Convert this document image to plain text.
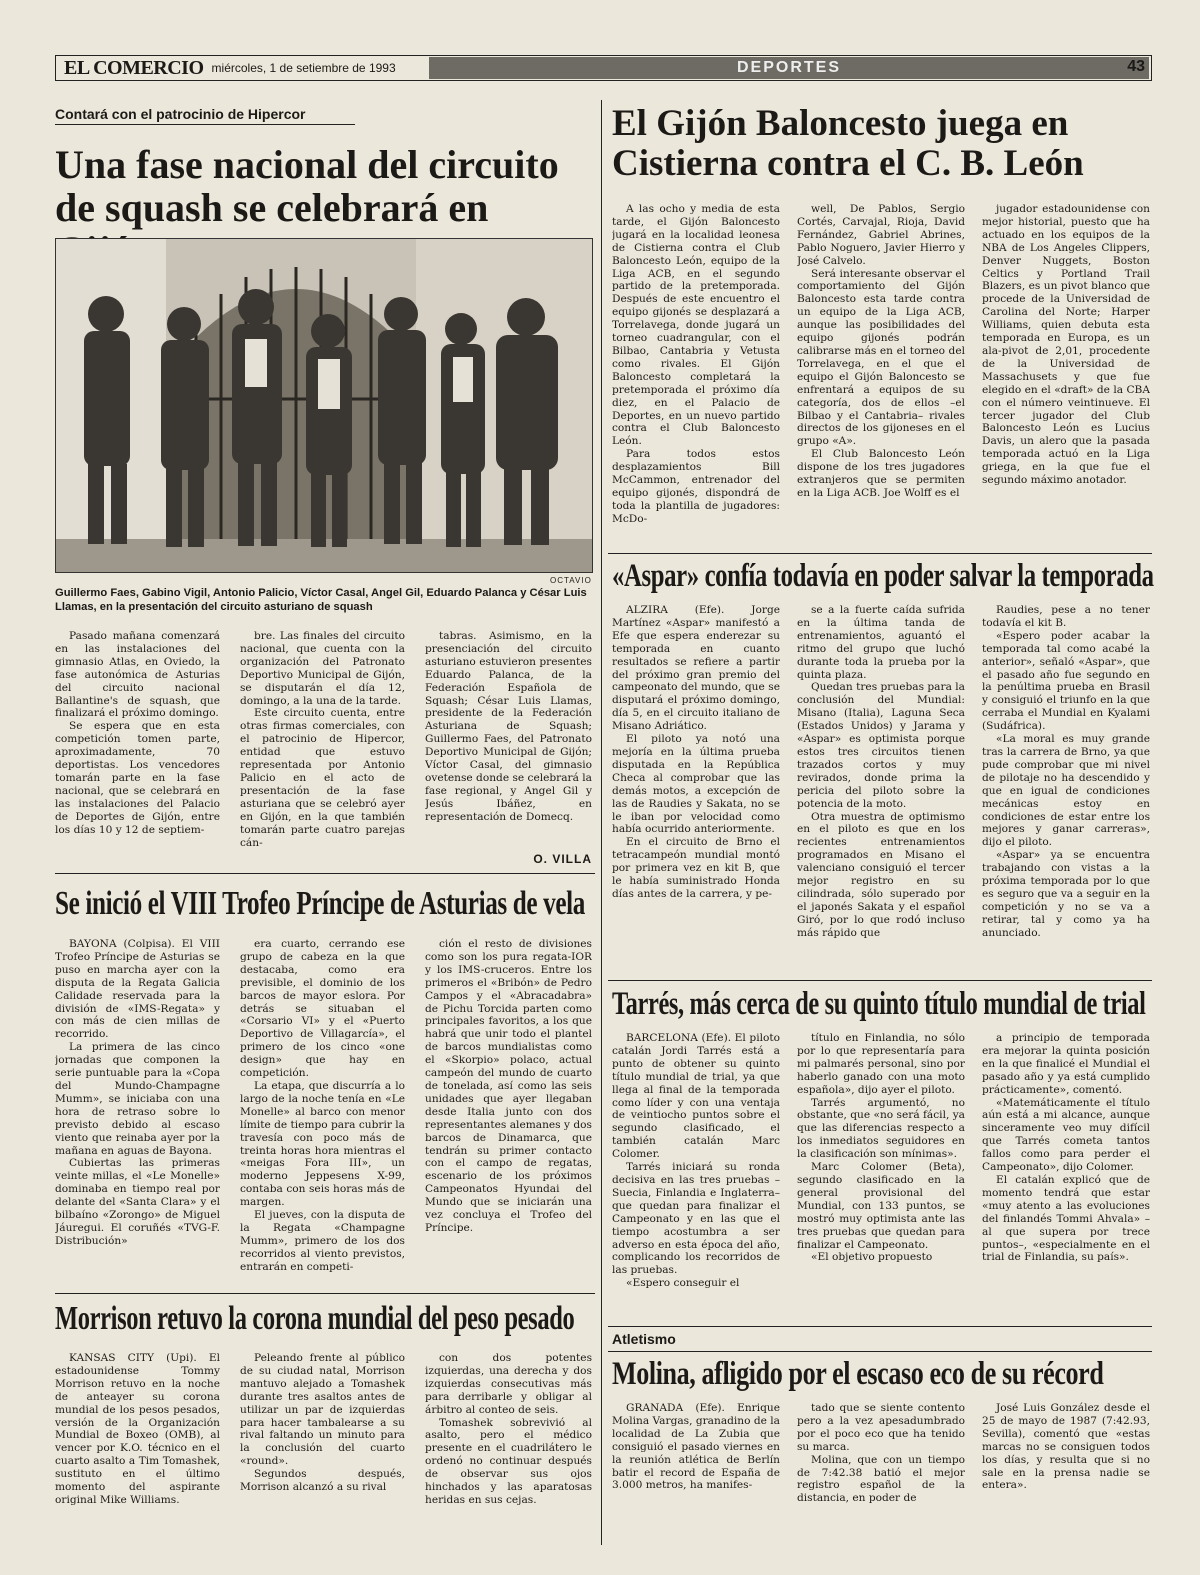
EL COMERCIO miércoles, 1 de setiembre de 1993	DEPORTES	43
Contará con el patrocinio de Hipercor
Una fase nacional del circuito de squash se celebrará en
OCTAVIO
Guillermo Faes, Gabino Vigil, Antonio Palicio, Víctor Casal, Angel Gil, Eduardo Palanca y César Luis Llamas, en la presentación del circuito asturiano de squash

Pasado mañana comenzará en las instalaciones del gimnasio Atlas, en Oviedo, la fase autonómica de Asturias del circuito nacional Ballantine's de squash, que finalizará el próximo domingo.

Se espera que en esta competición tomen parte, aproximadamente, 70 deportistas. Los vencedores tomarán parte en la fase nacional, que se celebrará en las instalaciones del Palacio de Deportes de Gijón, entre los días 10 y 12 de septiem-

bre. Las finales del circuito nacional, que cuenta con la organización del Patronato Deportivo Municipal de Gijón, se disputarán el día 12, domingo, a la una de la tarde.

Este circuito cuenta, entre otras firmas comerciales, con el patrocinio de Hipercor, entidad que estuvo representada por Antonio Palicio en el acto de presentación de la fase asturiana que se celebró ayer en Gijón, en la que también tomarán parte cuatro parejas cán-

tabras. Asimismo, en la presenciación del circuito asturiano estuvieron presentes Eduardo Palanca, de la Federación Española de Squash; César Luis Llamas, presidente de la Federación Asturiana de Squash; Guillermo Faes, del Patronato Deportivo Municipal de Gijón; Víctor Casal, del gimnasio ovetense donde se celebrará la fase regional, y Angel Gil y Jesús Ibáñez, en representación de Domecq.

O. VILLA
Se inició el VIII Trofeo Príncipe de Asturias de vela

BAYONA (Colpisa). El VIII Trofeo Príncipe de Asturias se puso en marcha ayer con la disputa de la Regata Galicia Calidade reservada para la división de «IMS-Regata» y con más de cien millas de recorrido.

La primera de las cinco jornadas que componen la serie puntuable para la «Copa del Mundo-Champagne Mumm», se iniciaba con una hora de retraso sobre lo previsto debido al escaso viento que reinaba ayer por la mañana en aguas de Bayona.

Cubiertas las primeras veinte millas, el «Le Monelle» dominaba en tiempo real por delante del «Santa Clara» y el bilbaíno «Zorongo» de Miguel Jáuregui. El coruñés «TVG-F. Distribución»

era cuarto, cerrando ese grupo de cabeza en la que destacaba, como era previsible, el dominio de los barcos de mayor eslora. Por detrás se situaban el «Corsario VI» y el «Puerto Deportivo de Villagarcía», el primero de los cinco «one design» que hay en competición.

La etapa, que discurría a lo largo de la noche tenía en «Le Monelle» al barco con menor límite de tiempo para cubrir la travesía con poco más de treinta horas hora mientras el «meigas Fora III», un moderno Jeppesens X-99, contaba con seis horas más de margen.

El jueves, con la disputa de la Regata «Champagne Mumm», primero de los dos recorridos al viento previstos, entrarán en competi-

ción el resto de divisiones como son los pura regata-IOR y los IMS-cruceros. Entre los primeros el «Bribón» de Pedro Campos y el «Abracadabra» de Pichu Torcida parten como principales favoritos, a los que habrá que unir todo el plantel de barcos mundialistas como el «Skorpio» polaco, actual campeón del mundo de cuarto de tonelada, así como las seis unidades que ayer llegaban desde Italia junto con dos representantes alemanes y dos barcos de Dinamarca, que tendrán su primer contacto con el campo de regatas, escenario de los próximos Campeonatos Hyundai del Mundo que se iniciarán una vez concluya el Trofeo del Príncipe.

Morrison retuvo la corona mundial del peso pesado

KANSAS CITY (Upi). El estadounidense Tommy Morrison retuvo en la noche de anteayer su corona mundial de los pesos pesados, versión de la Organización Mundial de Boxeo (OMB), al vencer por K.O. técnico en el cuarto asalto a Tim Tomashek, sustituto en el último momento del aspirante original Mike Williams.

Peleando frente al público de su ciudad natal, Morrison mantuvo alejado a Tomashek durante tres asaltos antes de utilizar un par de izquierdas para hacer tambalearse a su rival faltando un minuto para la conclusión del cuarto «round».

Segundos después, Morrison alcanzó a su rival

con dos potentes izquierdas, una derecha y dos izquierdas consecutivas más para derribarle y obligar al árbitro al conteo de seis.

Tomashek sobrevivió al asalto, pero el médico presente en el cuadrilátero le ordenó no continuar después de observar sus ojos hinchados y las aparatosas heridas en sus cejas.

El Gijón Baloncesto juega en Cistierna contra el C. B. León

A las ocho y media de esta tarde, el Gijón Baloncesto jugará en la localidad leonesa de Cistierna contra el Club Baloncesto León, equipo de la Liga ACB, en el segundo partido de la pretemporada. Después de este encuentro el equipo gijonés se desplazará a Torrelavega, donde jugará un torneo cuadrangular, con el Bilbao, Cantabria y Vetusta como rivales. El Gijón Baloncesto completará la pretemporada el próximo día diez, en el Palacio de Deportes, en un nuevo partido contra el Club Baloncesto León.

Para todos estos desplazamientos Bill McCammon, entrenador del equipo gijonés, dispondrá de toda la plantilla de jugadores: McDo-

well, De Pablos, Sergio Cortés, Carvajal, Rioja, David Fernández, Gabriel Abrines, Pablo Noguero, Javier Hierro y José Calvelo.

Será interesante observar el comportamiento del Gijón Baloncesto esta tarde contra un equipo de la Liga ACB, aunque las posibilidades del equipo gijonés podrán calibrarse más en el torneo del Torrelavega, en el que el equipo el Gijón Baloncesto se enfrentará a equipos de su categoría, dos de ellos –el Bilbao y el Cantabria– rivales directos de los gijoneses en el grupo «A».

El Club Baloncesto León dispone de los tres jugadores extranjeros que se permiten en la Liga ACB. Joe Wolff es el

jugador estadounidense con mejor historial, puesto que ha actuado en los equipos de la NBA de Los Angeles Clippers, Denver Nuggets, Boston Celtics y Portland Trail Blazers, es un pivot blanco que procede de la Universidad de Carolina del Norte; Harper Williams, quien debuta esta temporada en Europa, es un ala-pivot de 2,01, procedente de la Universidad de Massachusets y que fue elegido en el «draft» de la CBA con el número veintinueve. El tercer jugador del Club Baloncesto León es Lucius Davis, un alero que la pasada temporada actuó en la Liga griega, en la que fue el segundo máximo anotador.

«Aspar» confía todavía en poder salvar la temporada

ALZIRA (Efe). Jorge Martínez «Aspar» manifestó a Efe que espera enderezar su temporada en cuanto resultados se refiere a partir del próximo gran premio del campeonato del mundo, que se disputará el próximo domingo, día 5, en el circuito italiano de Misano Adriático.

El piloto ya notó una mejoría en la última prueba disputada en la República Checa al comprobar que las demás motos, a excepción de las de Raudies y Sakata, no se le iban por velocidad como había ocurrido anteriormente.

En el circuito de Brno el tetracampeón mundial montó por primera vez en kit B, que le había suministrado Honda días antes de la carrera, y pe-

se a la fuerte caída sufrida en la última tanda de entrenamientos, aguantó el ritmo del grupo que luchó durante toda la prueba por la quinta plaza.

Quedan tres pruebas para la conclusión del Mundial: Misano (Italia), Laguna Seca (Estados Unidos) y Jarama y «Aspar» es optimista porque estos tres circuitos tienen trazados cortos y muy revirados, donde prima la pericia del piloto sobre la potencia de la moto.

Otra muestra de optimismo en el piloto es que en los recientes entrenamientos programados en Misano el valenciano consiguió el tercer mejor registro en su cilindrada, sólo superado por el japonés Sakata y el español Giró, por lo que rodó incluso más rápido que

Raudies, pese a no tener todavía el kit B.

«Espero poder acabar la temporada tal como acabé la anterior», señaló «Aspar», que el pasado año fue segundo en la penúltima prueba en Brasil y consiguió el triunfo en la que cerraba el Mundial en Kyalami (Sudáfrica).

«La moral es muy grande tras la carrera de Brno, ya que pude comprobar que mi nivel de pilotaje no ha descendido y que en igual de condiciones mecánicas estoy en condiciones de estar entre los mejores y ganar carreras», dijo el piloto.

«Aspar» ya se encuentra trabajando con vistas a la próxima temporada por lo que es seguro que va a seguir en la competición y no se va a retirar, tal y como ya ha anunciado.

Tarrés, más cerca de su quinto título mundial de trial

BARCELONA (Efe). El piloto catalán Jordi Tarrés está a punto de obtener su quinto título mundial de trial, ya que llega al final de la temporada como líder y con una ventaja de veintiocho puntos sobre el segundo clasificado, el también catalán Marc Colomer.

Tarrés iniciará su ronda decisiva en las tres pruebas –Suecia, Finlandia e Inglaterra– que quedan para finalizar el Campeonato y en las que el tiempo acostumbra a ser adverso en esta época del año, complicando los recorridos de las pruebas.

«Espero conseguir el

título en Finlandia, no sólo por lo que representaría para mi palmarés personal, sino por haberlo ganado con una moto española», dijo ayer el piloto.

Tarrés argumentó, no obstante, que «no será fácil, ya que las diferencias respecto a los inmediatos seguidores en la clasificación son mínimas».

Marc Colomer (Beta), segundo clasificado en la general provisional del Mundial, con 133 puntos, se mostró muy optimista ante las tres pruebas que quedan para finalizar el Campeonato.

«El objetivo propuesto

a principio de temporada era mejorar la quinta posición en la que finalicé el Mundial el pasado año y ya está cumplido prácticamente», comentó.

«Matemáticamente el título aún está a mi alcance, aunque sinceramente veo muy difícil que Tarrés cometa tantos fallos como para perder el Campeonato», dijo Colomer.

El catalán explicó que de momento tendrá que estar «muy atento a las evoluciones del finlandés Tommi Ahvala» –al que supera por trece puntos–, «especialmente en el trial de Finlandia, su país».

Atletismo
Molina, afligido por el escaso eco de su récord

GRANADA (Efe). Enrique Molina Vargas, granadino de la localidad de La Zubia que consiguió el pasado viernes en la reunión atlética de Berlín batir el record de España de 3.000 metros, ha manifes-

tado que se siente contento pero a la vez apesadumbrado por el poco eco que ha tenido su marca.

Molina, que con un tiempo de 7:42.38 batió el mejor registro español de la distancia, en poder de

José Luis González desde el 25 de mayo de 1987 (7:42.93, Sevilla), comentó que «estas marcas no se consiguen todos los días, y resulta que si no sale en la prensa nadie se entera».
